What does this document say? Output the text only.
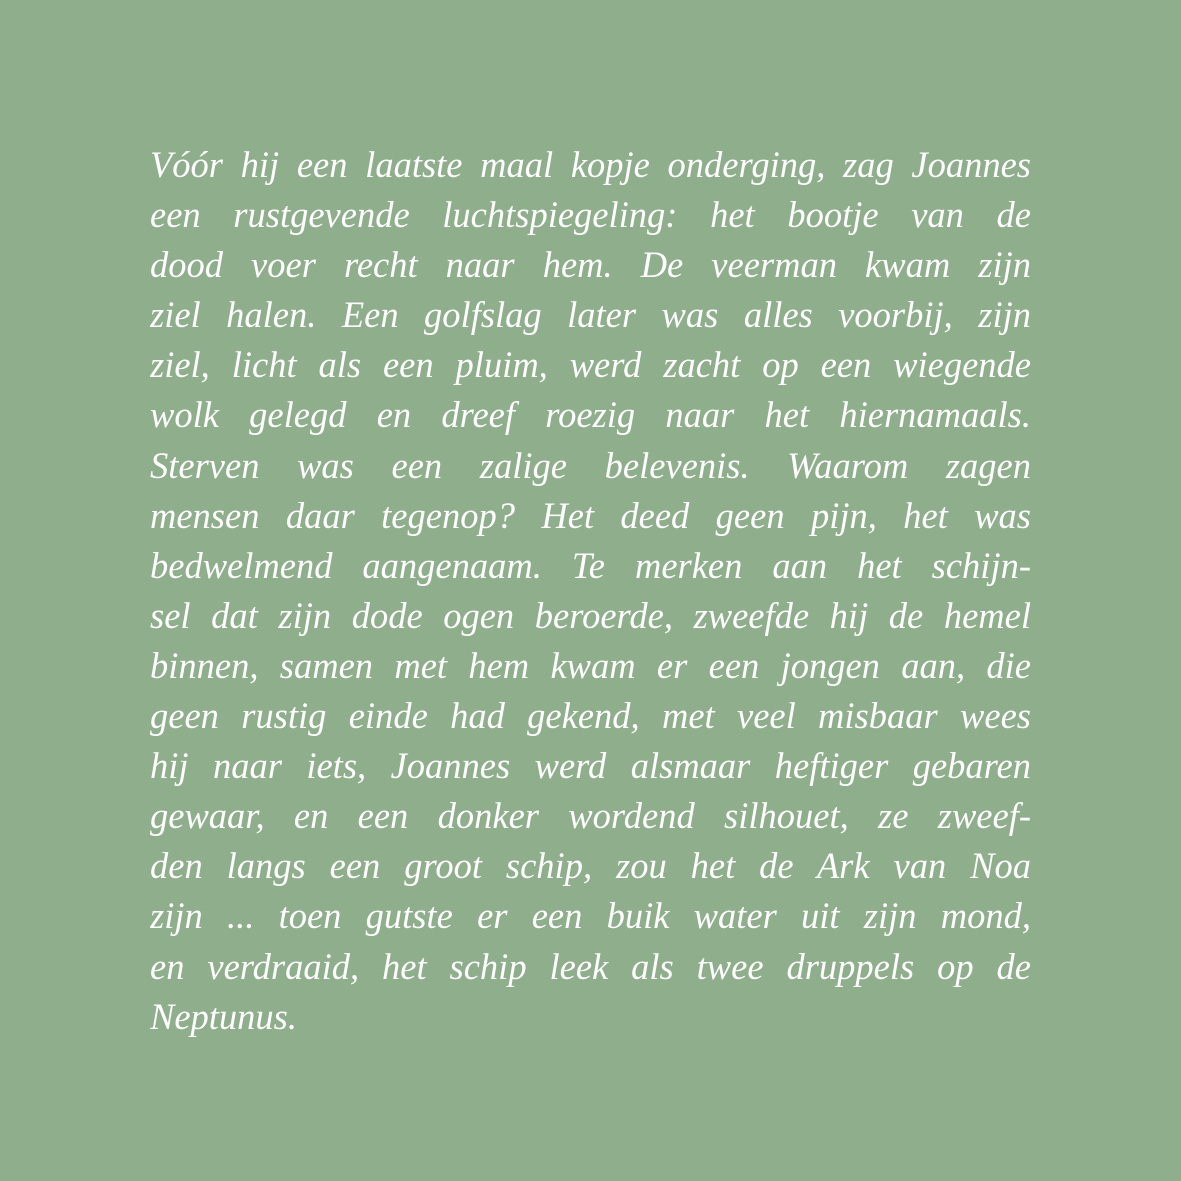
Vóór hij een laatste maal kopje onderging, zag Joannes
een rustgevende luchtspiegeling: het bootje van de
dood voer recht naar hem. De veerman kwam zijn
ziel halen. Een golfslag later was alles voorbij, zijn
ziel, licht als een pluim, werd zacht op een wiegende
wolk gelegd en dreef roezig naar het hiernamaals.
Sterven was een zalige belevenis. Waarom zagen
mensen daar tegenop? Het deed geen pijn, het was
bedwelmend aangenaam. Te merken aan het schijn-
sel dat zijn dode ogen beroerde, zweefde hij de hemel
binnen, samen met hem kwam er een jongen aan, die
geen rustig einde had gekend, met veel misbaar wees
hij naar iets, Joannes werd alsmaar heftiger gebaren
gewaar, en een donker wordend silhouet, ze zweef-
den langs een groot schip, zou het de Ark van Noa
zijn ... toen gutste er een buik water uit zijn mond,
en verdraaid, het schip leek als twee druppels op de
Neptunus.
